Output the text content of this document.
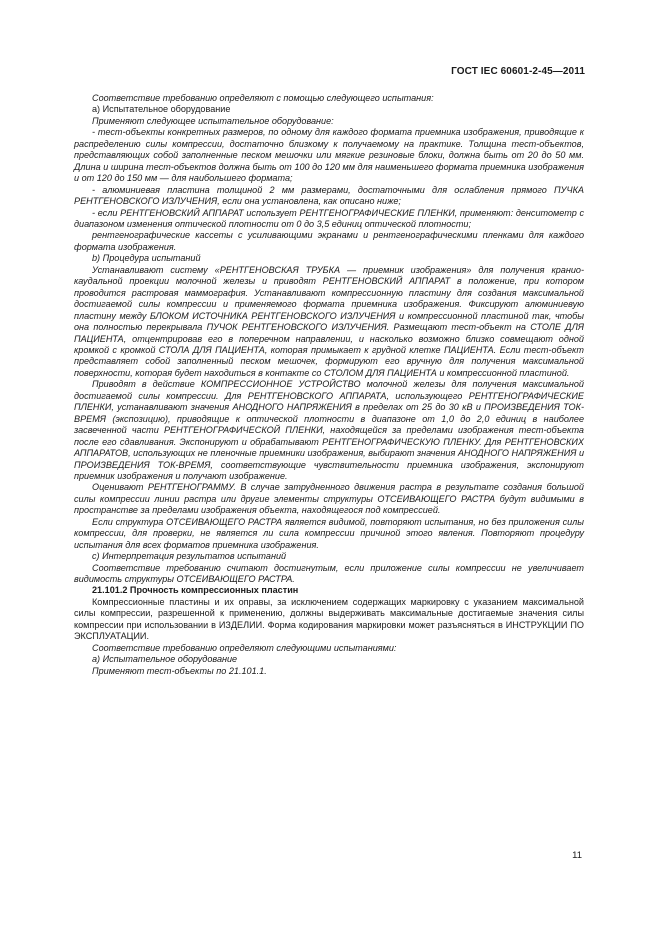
ГОСТ IEC 60601-2-45—2011

Соответствие требованию определяют с помощью следующего испытания:

a) Испытательное оборудование

Применяют следующее испытательное оборудование:

- тест-объекты конкретных размеров, по одному для каждого формата приемника изображения, приводящие к распределению силы компрессии, достаточно близкому к получаемому на практике. Толщина тест-объектов, представляющих собой заполненные песком мешочки или мягкие резиновые блоки, должна быть от 20 до 50 мм. Длина и ширина тест-объектов должна быть от 100 до 120 мм для наименьшего формата приемника изображения и от 120 до 150 мм — для наибольшего формата;

- алюминиевая пластина толщиной 2 мм размерами, достаточными для ослабления прямого ПУЧКА РЕНТГЕНОВСКОГО ИЗЛУЧЕНИЯ, если она установлена, как описано ниже;

- если РЕНТГЕНОВСКИЙ АППАРАТ использует РЕНТГЕНОГРАФИЧЕСКИЕ ПЛЕНКИ, применяют: денситометр с диапазоном изменения оптической плотности от 0 до 3,5 единиц оптической плотности;

рентгенографические кассеты с усиливающими экранами и рентгенографическими пленками для каждого формата изображения.

b) Процедура испытаний

Устанавливают систему «РЕНТГЕНОВСКАЯ ТРУБКА — приемник изображения» для получения кранио-каудальной проекции молочной железы и приводят РЕНТГЕНОВСКИЙ АППАРАТ в положение, при котором проводится растровая маммография. Устанавливают компрессионную пластину для создания максимальной достигаемой силы компрессии и применяемого формата приемника изображения. Фиксируют алюминиевую пластину между БЛОКОМ ИСТОЧНИКА РЕНТГЕНОВСКОГО ИЗЛУЧЕНИЯ и компрессионной пластиной так, чтобы она полностью перекрывала ПУЧОК РЕНТГЕНОВСКОГО ИЗЛУЧЕНИЯ. Размещают тест-объект на СТОЛЕ ДЛЯ ПАЦИЕНТА, отцентрировав его в поперечном направлении, и насколько возможно близко совмещают одной кромкой с кромкой СТОЛА ДЛЯ ПАЦИЕНТА, которая примыкает к грудной клетке ПАЦИЕНТА. Если тест-объект представляет собой заполненный песком мешочек, формируют его вручную для получения максимальной поверхности, которая будет находиться в контакте со СТОЛОМ ДЛЯ ПАЦИЕНТА и компрессионной пластиной.

Приводят в действие КОМПРЕССИОННОЕ УСТРОЙСТВО молочной железы для получения максимальной достигаемой силы компрессии. Для РЕНТГЕНОВСКОГО АППАРАТА, использующего РЕНТГЕНОГРАФИЧЕСКИЕ ПЛЕНКИ, устанавливают значения АНОДНОГО НАПРЯЖЕНИЯ в пределах от 25 до 30 кВ и ПРОИЗВЕДЕНИЯ ТОК-ВРЕМЯ (экспозицию), приводящие к оптической плотности в диапазоне от 1,0 до 2,0 единиц в наиболее засвеченной части РЕНТГЕНОГРАФИЧЕСКОЙ ПЛЕНКИ, находящейся за пределами изображения тест-объекта после его сдавливания. Экспонируют и обрабатывают РЕНТГЕНОГРАФИЧЕСКУЮ ПЛЕНКУ. Для РЕНТГЕНОВСКИХ АППАРАТОВ, использующих не пленочные приемники изображения, выбирают значения АНОДНОГО НАПРЯЖЕНИЯ и ПРОИЗВЕДЕНИЯ ТОК-ВРЕМЯ, соответствующие чувствительности приемника изображения, экспонируют приемник изображения и получают изображение.

Оценивают РЕНТГЕНОГРАММУ. В случае затрудненного движения растра в результате создания большой силы компрессии линии растра или другие элементы структуры ОТСЕИВАЮЩЕГО РАСТРА будут видимыми в пространстве за пределами изображения объекта, находящегося под компрессией.

Если структура ОТСЕИВАЮЩЕГО РАСТРА является видимой, повторяют испытания, но без приложения силы компрессии, для проверки, не является ли сила компрессии причиной этого явления. Повторяют процедуру испытания для всех форматов приемника изображения.

c) Интерпретация результатов испытаний

Соответствие требованию считают достигнутым, если приложение силы компрессии не увеличивает видимость структуры ОТСЕИВАЮЩЕГО РАСТРА.

21.101.2 Прочность компрессионных пластин

Компрессионные пластины и их оправы, за исключением содержащих маркировку с указанием максимальной силы компрессии, разрешенной к применению, должны выдерживать максимальные достигаемые значения силы компрессии при использовании в ИЗДЕЛИИ. Форма кодирования маркировки может разъясняться в ИНСТРУКЦИИ ПО ЭКСПЛУАТАЦИИ.

Соответствие требованию определяют следующими испытаниями:

a) Испытательное оборудование

Применяют тест-объекты по 21.101.1.

11
